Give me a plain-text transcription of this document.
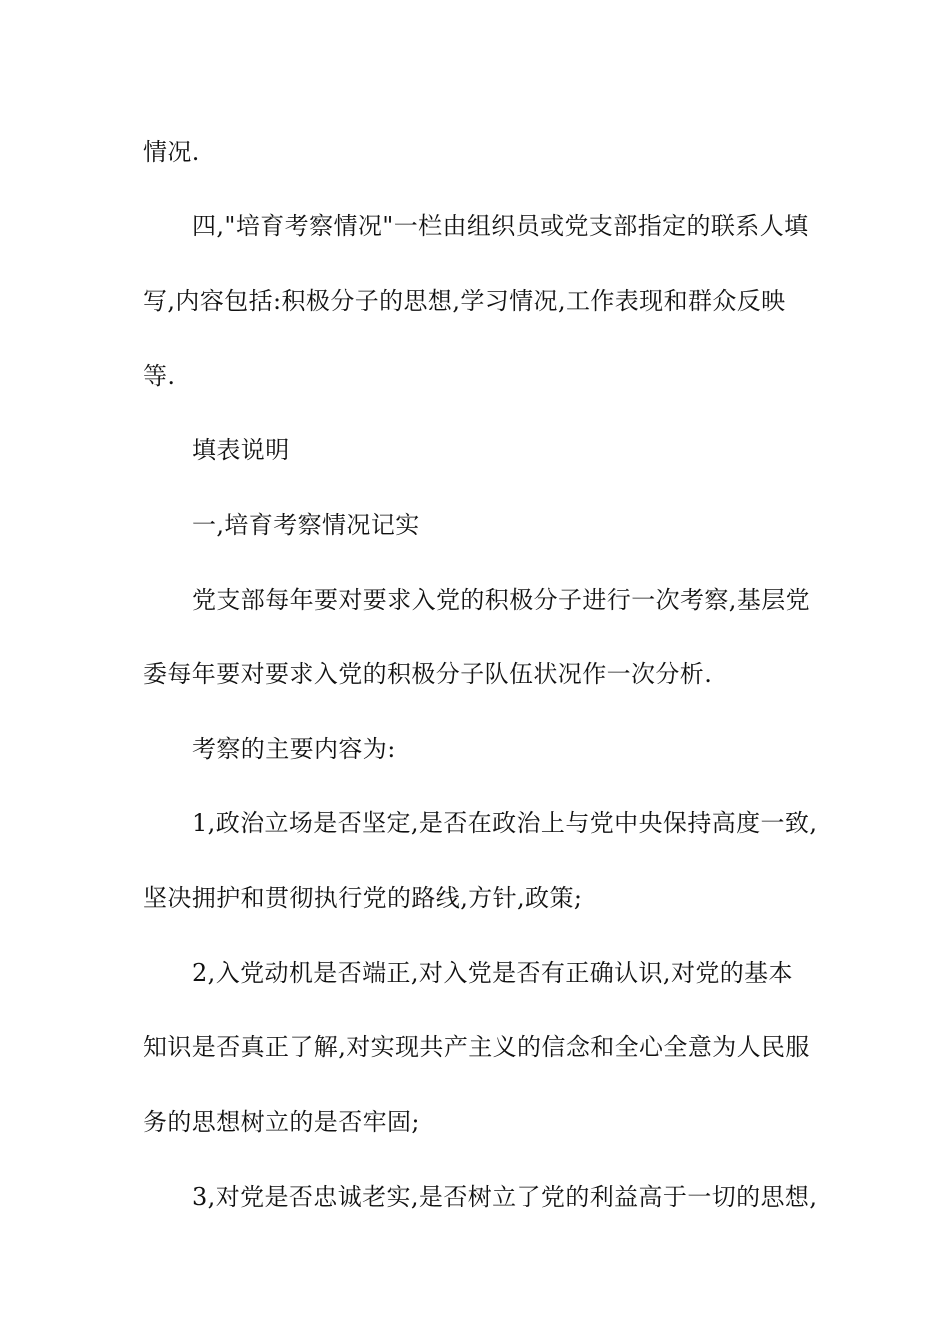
情况.

四,"培育考察情况"一栏由组织员或党支部指定的联系人填

写,内容包括:积极分子的思想,学习情况,工作表现和群众反映

等.

填表说明

一,培育考察情况记实

党支部每年要对要求入党的积极分子进行一次考察,基层党

委每年要对要求入党的积极分子队伍状况作一次分析.

考察的主要内容为:

1,政治立场是否坚定,是否在政治上与党中央保持高度一致,

坚决拥护和贯彻执行党的路线,方针,政策;

2,入党动机是否端正,对入党是否有正确认识,对党的基本

知识是否真正了解,对实现共产主义的信念和全心全意为人民服

务的思想树立的是否牢固;

3,对党是否忠诚老实,是否树立了党的利益高于一切的思想,
